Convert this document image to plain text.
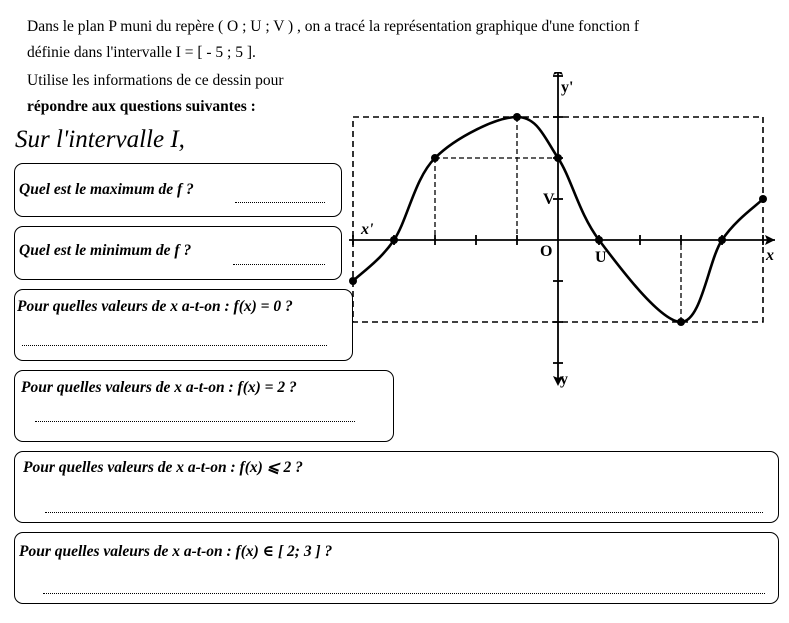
Dans le plan P muni du repère ( O ; U ; V ) , on a tracé la représentation graphique d'une fonction f
définie dans l'intervalle I = [ - 5 ; 5 ].
Utilise les informations de ce dessin pour
répondre aux questions suivantes :
Sur l'intervalle I,
Quel est le maximum de f ?
Quel est le minimum de f ?
Pour quelles valeurs de x a-t-on : f(x) = 0 ?
Pour quelles valeurs de x a-t-on : f(x) = 2 ?
Pour quelles valeurs de x a-t-on : f(x) ⩽ 2 ?
Pour quelles valeurs de x a-t-on : f(x) ∈ [ 2; 3 ] ?
y'
y
x'
x
O	U
V
